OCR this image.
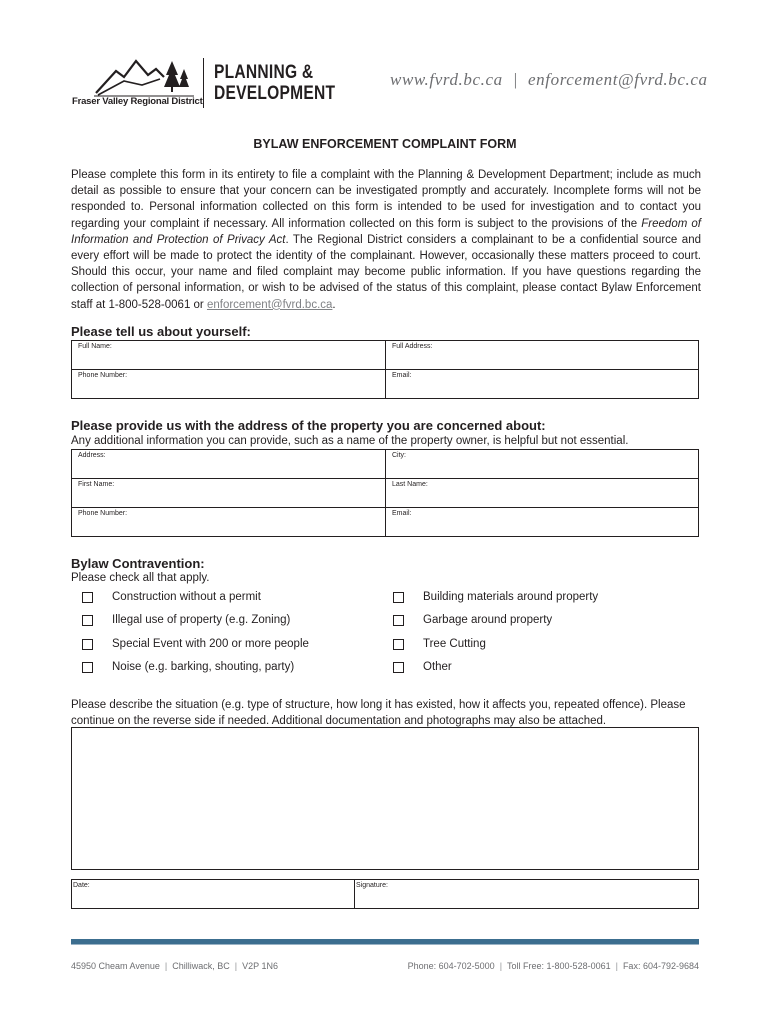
Fraser Valley Regional District
PLANNING &
DEVELOPMENT
www.fvrd.bc.ca | enforcement@fvrd.bc.ca
BYLAW ENFORCEMENT COMPLAINT FORM
Please complete this form in its entirety to file a complaint with the Planning & Development Department; include as much detail as possible to ensure that your concern can be investigated promptly and accurately. Incomplete forms will not be responded to. Personal information collected on this form is intended to be used for investigation and to contact you regarding your complaint if necessary. All information collected on this form is subject to the provisions of the Freedom of Information and Protection of Privacy Act. The Regional District considers a complainant to be a confidential source and every effort will be made to protect the identity of the complainant. However, occasionally these matters proceed to court. Should this occur, your name and filed complaint may become public information. If you have questions regarding the collection of personal information, or wish to be advised of the status of this complaint, please contact Bylaw Enforcement staff at 1-800-528-0061 or enforcement@fvrd.bc.ca.
Please tell us about yourself:
Full Name:	Full Address:
Phone Number:	Email:
Please provide us with the address of the property you are concerned about:
Any additional information you can provide, such as a name of the property owner, is helpful but not essential.
Address:	City:
First Name:	Last Name:
Phone Number:	Email:
Bylaw Contravention:
Please check all that apply.
Construction without a permit	Building materials around property
Illegal use of property (e.g. Zoning)	Garbage around property
Special Event with 200 or more people	Tree Cutting
Noise (e.g. barking, shouting, party)	Other
Please describe the situation (e.g. type of structure, how long it has existed, how it affects you, repeated offence). Please continue on the reverse side if needed. Additional documentation and photographs may also be attached.
Date:	Signature:
45950 Cheam Avenue | Chilliwack, BC | V2P 1N6	Phone: 604-702-5000 | Toll Free: 1-800-528-0061 | Fax: 604-792-9684
